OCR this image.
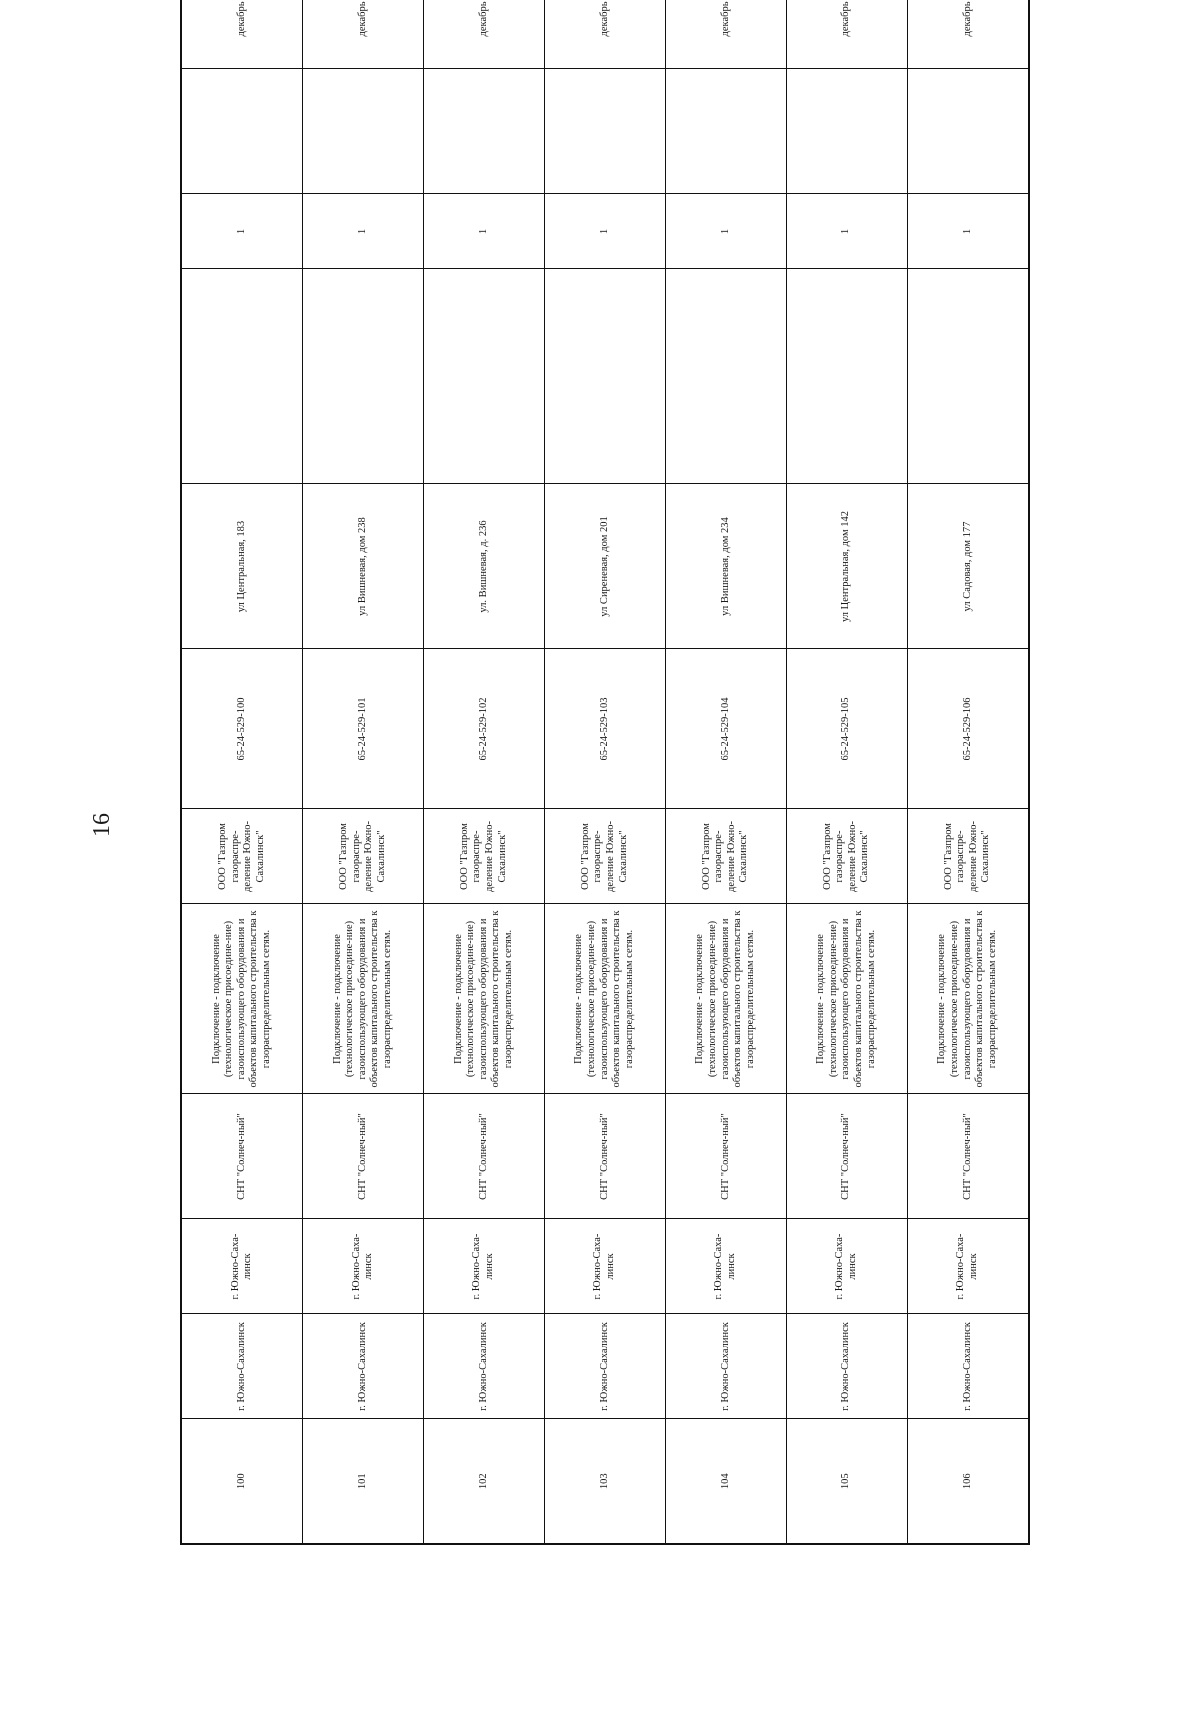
16
100	г. Южно-Сахалинск	г. Южно-Саха-линск	СНТ "Солнеч-ный"	Подключение - подключение (технологическое присоедине-ние) газоиспользующего оборудования и объектов капитального строительства к газораспределительным сетям.	ООО "Газпром газораспре-деление Южно-Сахалинск"	65-24-529-100	ул Центральная, 183		1		декабрь	
101	г. Южно-Сахалинск	г. Южно-Саха-линск	СНТ "Солнеч-ный"	Подключение - подключение (технологическое присоедине-ние) газоиспользующего оборудования и объектов капитального строительства к газораспределительным сетям.	ООО "Газпром газораспре-деление Южно-Сахалинск"	65-24-529-101	ул Вишневая, дом 238		1		декабрь	
102	г. Южно-Сахалинск	г. Южно-Саха-линск	СНТ "Солнеч-ный"	Подключение - подключение (технологическое присоедине-ние) газоиспользующего оборудования и объектов капитального строительства к газораспределительным сетям.	ООО "Газпром газораспре-деление Южно-Сахалинск"	65-24-529-102	ул. Вишневая, д. 236		1		декабрь	
103	г. Южно-Сахалинск	г. Южно-Саха-линск	СНТ "Солнеч-ный"	Подключение - подключение (технологическое присоедине-ние) газоиспользующего оборудования и объектов капитального строительства к газораспределительным сетям.	ООО "Газпром газораспре-деление Южно-Сахалинск"	65-24-529-103	ул Сиреневая, дом 201		1		декабрь	
104	г. Южно-Сахалинск	г. Южно-Саха-линск	СНТ "Солнеч-ный"	Подключение - подключение (технологическое присоедине-ние) газоиспользующего оборудования и объектов капитального строительства к газораспределительным сетям.	ООО "Газпром газораспре-деление Южно-Сахалинск"	65-24-529-104	ул Вишневая, дом 234		1		декабрь	
105	г. Южно-Сахалинск	г. Южно-Саха-линск	СНТ "Солнеч-ный"	Подключение - подключение (технологическое присоедине-ние) газоиспользующего оборудования и объектов капитального строительства к газораспределительным сетям.	ООО "Газпром газораспре-деление Южно-Сахалинск"	65-24-529-105	ул Центральная, дом 142		1		декабрь	
106	г. Южно-Сахалинск	г. Южно-Саха-линск	СНТ "Солнеч-ный"	Подключение - подключение (технологическое присоедине-ние) газоиспользующего оборудования и объектов капитального строительства к газораспределительным сетям.	ООО "Газпром газораспре-деление Южно-Сахалинск"	65-24-529-106	ул Садовая, дом 177		1		декабрь	
